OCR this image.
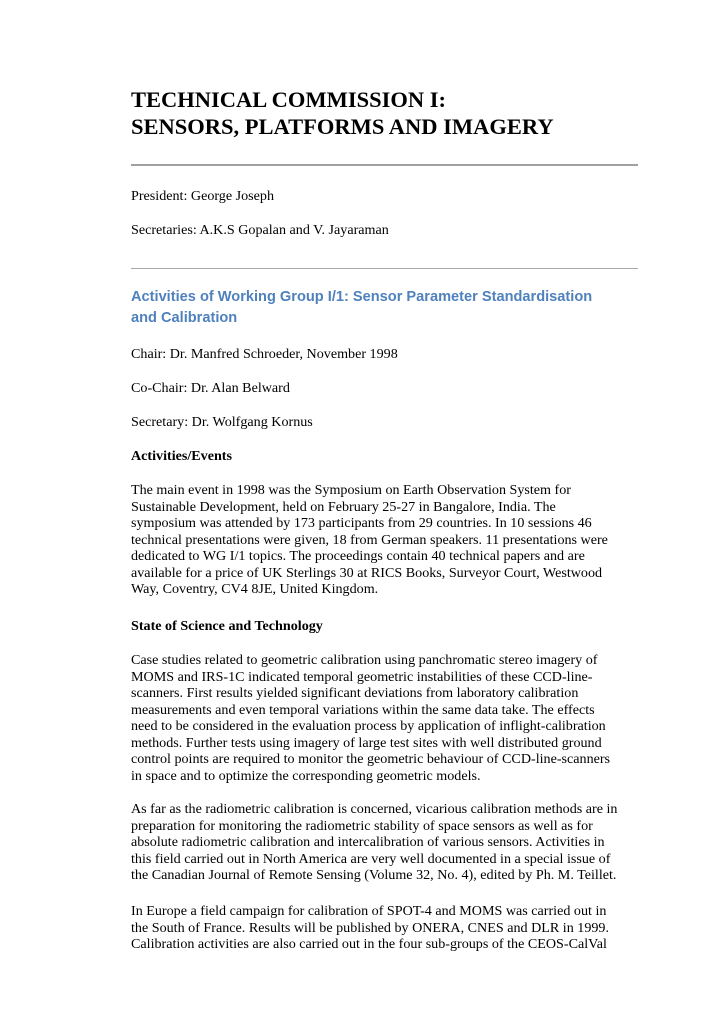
TECHNICAL COMMISSION I:
SENSORS, PLATFORMS AND IMAGERY

President: George Joseph

Secretaries: A.K.S Gopalan and V. Jayaraman

Activities of Working Group I/1: Sensor Parameter Standardisation
and Calibration

Chair: Dr. Manfred Schroeder, November 1998

Co-Chair: Dr. Alan Belward

Secretary: Dr. Wolfgang Kornus

Activities/Events

The main event in 1998 was the Symposium on Earth Observation System for
Sustainable Development, held on February 25-27 in Bangalore, India. The
symposium was attended by 173 participants from 29 countries. In 10 sessions 46
technical presentations were given, 18 from German speakers. 11 presentations were
dedicated to WG I/1 topics. The proceedings contain 40 technical papers and are
available for a price of UK Sterlings 30 at RICS Books, Surveyor Court, Westwood
Way, Coventry, CV4 8JE, United Kingdom.

State of Science and Technology

Case studies related to geometric calibration using panchromatic stereo imagery of
MOMS and IRS-1C indicated temporal geometric instabilities of these CCD-line-
scanners. First results yielded significant deviations from laboratory calibration
measurements and even temporal variations within the same data take. The effects
need to be considered in the evaluation process by application of inflight-calibration
methods. Further tests using imagery of large test sites with well distributed ground
control points are required to monitor the geometric behaviour of CCD-line-scanners
in space and to optimize the corresponding geometric models.

As far as the radiometric calibration is concerned, vicarious calibration methods are in
preparation for monitoring the radiometric stability of space sensors as well as for
absolute radiometric calibration and intercalibration of various sensors. Activities in
this field carried out in North America are very well documented in a special issue of
the Canadian Journal of Remote Sensing (Volume 32, No. 4), edited by Ph. M. Teillet.

In Europe a field campaign for calibration of SPOT-4 and MOMS was carried out in
the South of France. Results will be published by ONERA, CNES and DLR in 1999.
Calibration activities are also carried out in the four sub-groups of the CEOS-CalVal
